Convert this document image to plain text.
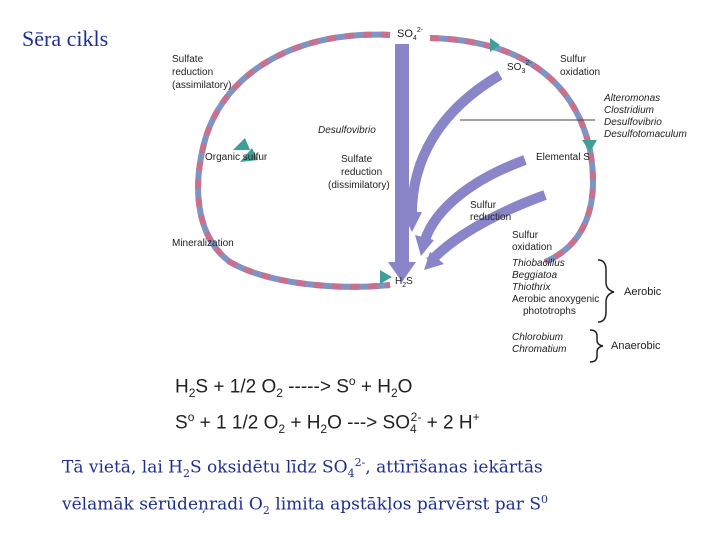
Sēra cikls	$SO_4^{2-}$
$SO_3^{2-}$
$H_2S$
Sulfate reduction (assimilatory)
Sulfur oxidation
Desulfovibrio
Sulfate reduction (dissimilatory)
Organic sulfur
Mineralization
Elemental S
Sulfur reduction
Sulfur oxidation
Alteromonas Clostridium Desulfovibrio Desulfotomaculum
Thiobacillus Beggiatoa Thiothrix
Aerobic anoxygenic phototrophs
Aerobic
Chlorobium Chromatium	Anaerobic
$H_2S + 1/2$ $O_2$ -----> $S^o + H_2O$
$S^o + 1$ 1/2 $O_2 + H_2O$ ---> $SO_4^{2-} + 2$ H+
Tā vietā, lai $H_2S$ oksidētu līdz $SO_4^{2-}$, attīrīšanas iekārtās
vēlamāk sērūdeņradi $O_2$ limita apstākļos pārvērst par $S^0$
